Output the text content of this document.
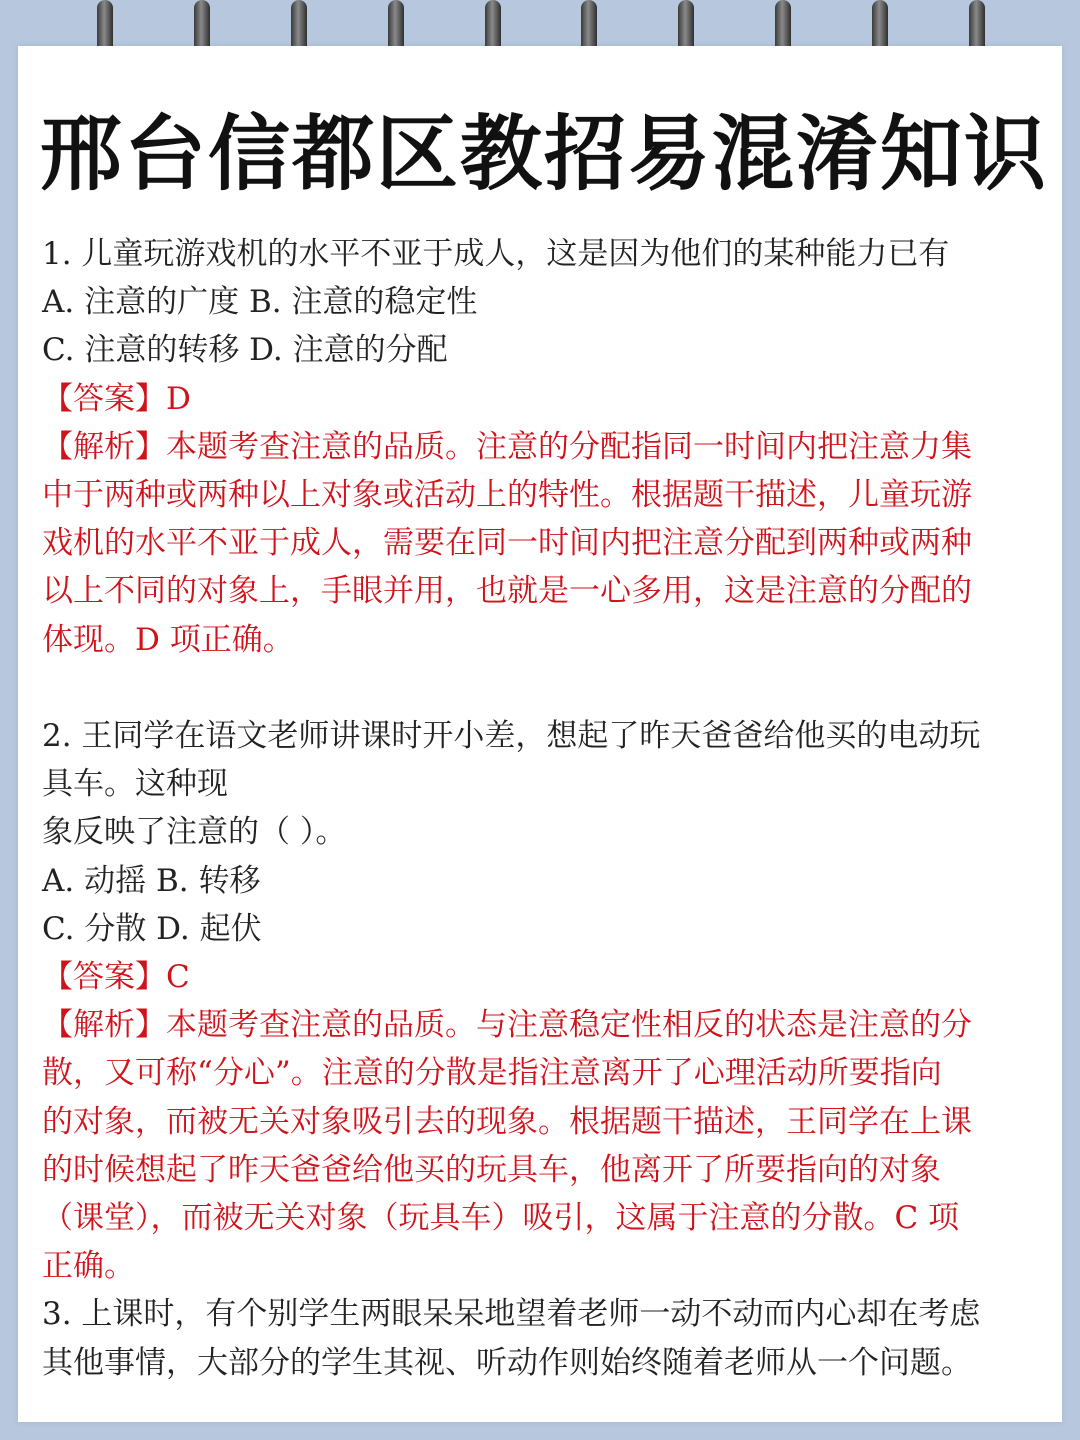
邢台信都区教招易混淆知识
1. 儿童玩游戏机的水平不亚于成人，这是因为他们的某种能力已有
A. 注意的广度 B. 注意的稳定性
C. 注意的转移 D. 注意的分配
【答案】D
【解析】本题考查注意的品质。注意的分配指同一时间内把注意力集
中于两种或两种以上对象或活动上的特性。根据题干描述，儿童玩游
戏机的水平不亚于成人，需要在同一时间内把注意分配到两种或两种
以上不同的对象上，手眼并用，也就是一心多用，这是注意的分配的
体现。D 项正确。
2. 王同学在语文老师讲课时开小差，想起了昨天爸爸给他买的电动玩
具车。这种现
象反映了注意的（ ）。
A. 动摇 B. 转移
C. 分散 D. 起伏
【答案】C
【解析】本题考查注意的品质。与注意稳定性相反的状态是注意的分
散，又可称“分心”。注意的分散是指注意离开了心理活动所要指向
的对象，而被无关对象吸引去的现象。根据题干描述，王同学在上课
的时候想起了昨天爸爸给他买的玩具车，他离开了所要指向的对象
（课堂），而被无关对象（玩具车）吸引，这属于注意的分散。C 项
正确。
3. 上课时，有个别学生两眼呆呆地望着老师一动不动而内心却在考虑
其他事情，大部分的学生其视、听动作则始终随着老师从一个问题。
